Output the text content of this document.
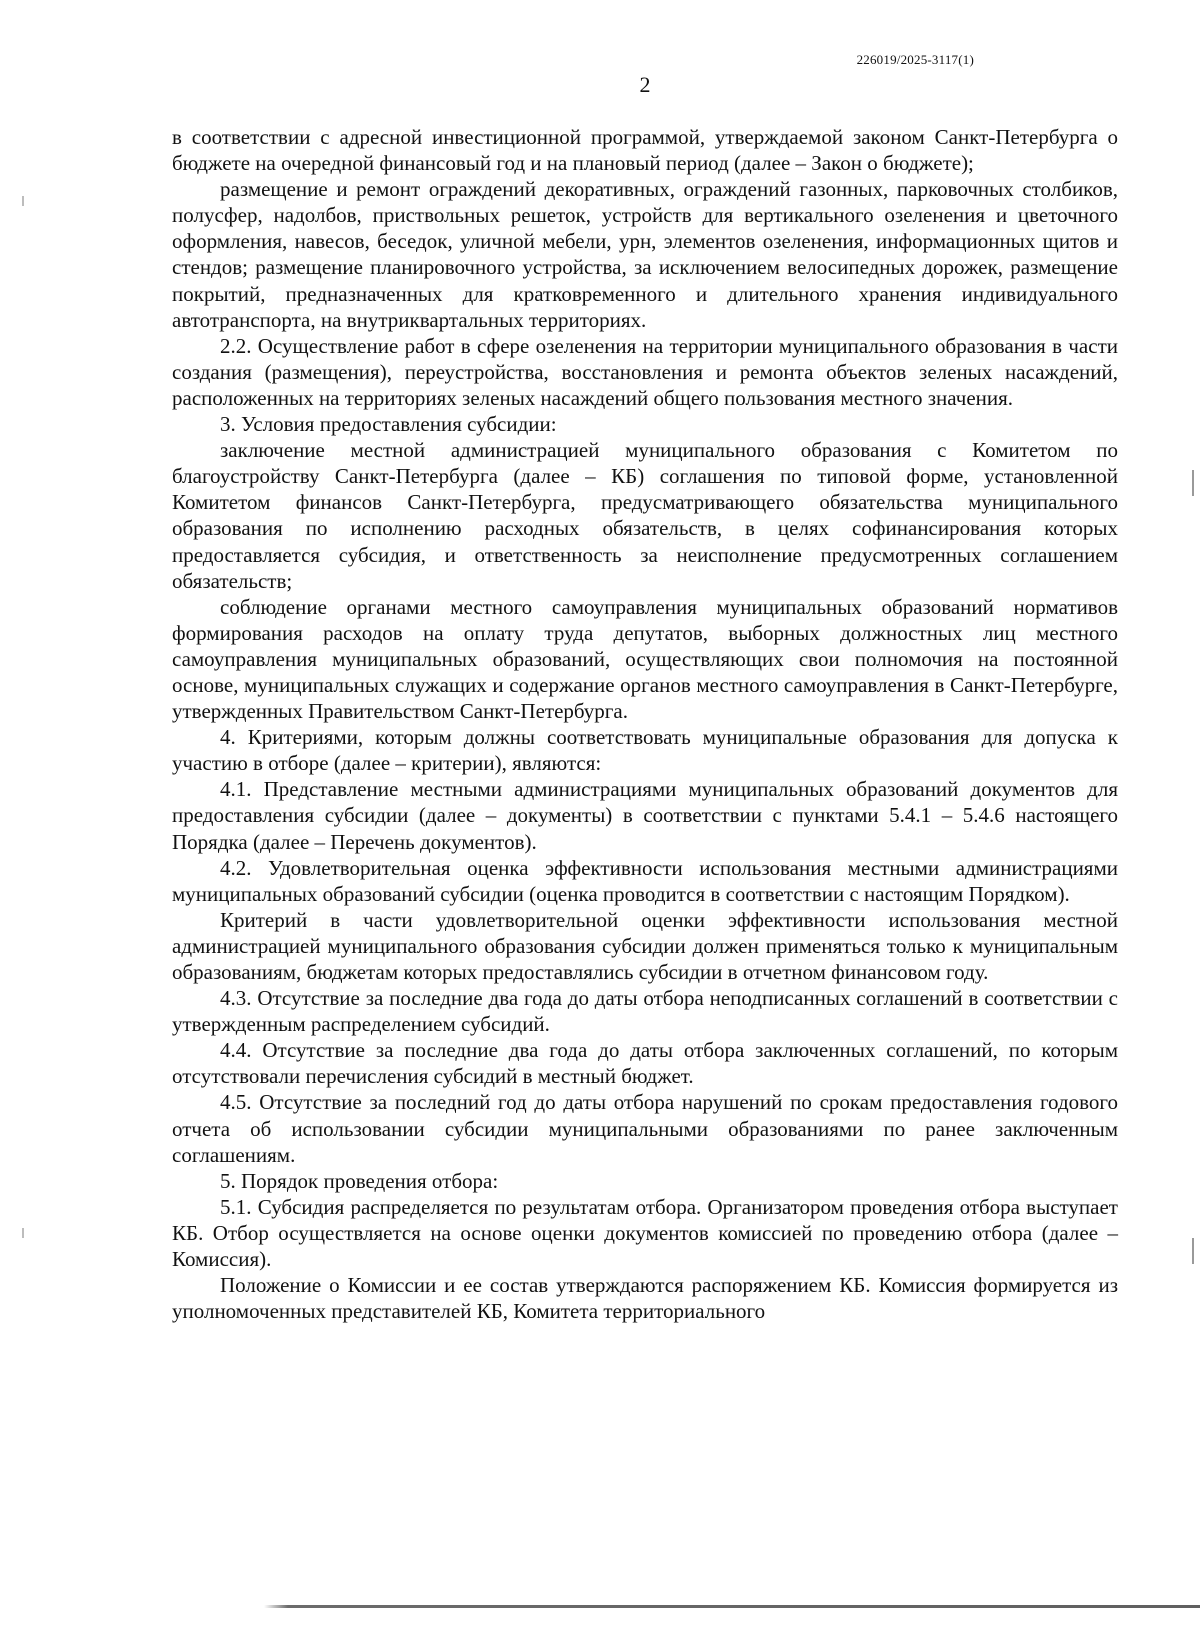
226019/2025-3117(1)
2

в соответствии с адресной инвестиционной программой, утверждаемой законом Санкт-Петербурга о бюджете на очередной финансовый год и на плановый период (далее – Закон о бюджете);

размещение и ремонт ограждений декоративных, ограждений газонных, парковочных столбиков, полусфер, надолбов, приствольных решеток, устройств для вертикального озеленения и цветочного оформления, навесов, беседок, уличной мебели, урн, элементов озеленения, информационных щитов и стендов; размещение планировочного устройства, за исключением велосипедных дорожек, размещение покрытий, предназначенных для кратковременного и длительного хранения индивидуального автотранспорта, на внутриквартальных территориях.

2.2. Осуществление работ в сфере озеленения на территории муниципального образования в части создания (размещения), переустройства, восстановления и ремонта объектов зеленых насаждений, расположенных на территориях зеленых насаждений общего пользования местного значения.

3. Условия предоставления субсидии:

заключение местной администрацией муниципального образования с Комитетом по благоустройству Санкт-Петербурга (далее – КБ) соглашения по типовой форме, установленной Комитетом финансов Санкт-Петербурга, предусматривающего обязательства муниципального образования по исполнению расходных обязательств, в целях софинансирования которых предоставляется субсидия, и ответственность за неисполнение предусмотренных соглашением обязательств;

соблюдение органами местного самоуправления муниципальных образований нормативов формирования расходов на оплату труда депутатов, выборных должностных лиц местного самоуправления муниципальных образований, осуществляющих свои полномочия на постоянной основе, муниципальных служащих и содержание органов местного самоуправления в Санкт-Петербурге, утвержденных Правительством Санкт-Петербурга.

4. Критериями, которым должны соответствовать муниципальные образования для допуска к участию в отборе (далее – критерии), являются:

4.1. Представление местными администрациями муниципальных образований документов для предоставления субсидии (далее – документы) в соответствии с пунктами 5.4.1 – 5.4.6 настоящего Порядка (далее – Перечень документов).

4.2. Удовлетворительная оценка эффективности использования местными администрациями муниципальных образований субсидии (оценка проводится в соответствии с настоящим Порядком).

Критерий в части удовлетворительной оценки эффективности использования местной администрацией муниципального образования субсидии должен применяться только к муниципальным образованиям, бюджетам которых предоставлялись субсидии в отчетном финансовом году.

4.3. Отсутствие за последние два года до даты отбора неподписанных соглашений в соответствии с утвержденным распределением субсидий.

4.4. Отсутствие за последние два года до даты отбора заключенных соглашений, по которым отсутствовали перечисления субсидий в местный бюджет.

4.5. Отсутствие за последний год до даты отбора нарушений по срокам предоставления годового отчета об использовании субсидии муниципальными образованиями по ранее заключенным соглашениям.

5. Порядок проведения отбора:

5.1. Субсидия распределяется по результатам отбора. Организатором проведения отбора выступает КБ. Отбор осуществляется на основе оценки документов комиссией по проведению отбора (далее – Комиссия).

Положение о Комиссии и ее состав утверждаются распоряжением КБ. Комиссия формируется из уполномоченных представителей КБ, Комитета территориального
